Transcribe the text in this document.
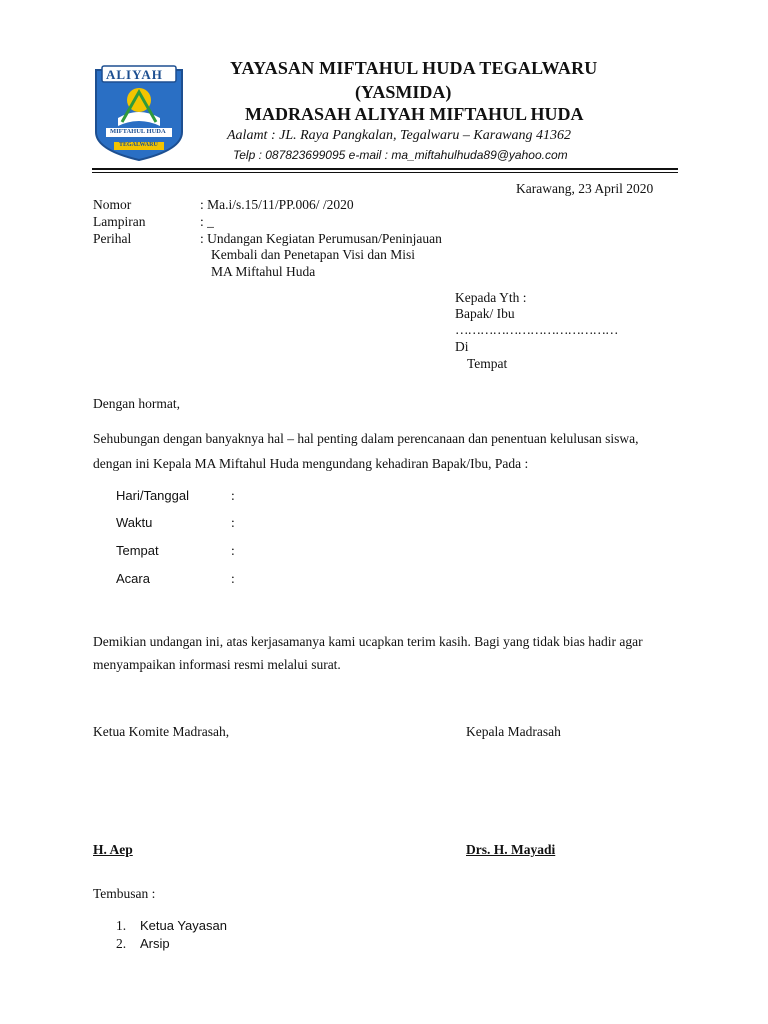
ALIYAH
MIFTAHUL HUDA
TEGALWARU
YAYASAN MIFTAHUL HUDA TEGALWARU
(YASMIDA)
MADRASAH ALIYAH MIFTAHUL HUDA
Aalamt : JL. Raya Pangkalan, Tegalwaru – Karawang 41362
Telp : 087823699095 e-mail : ma_miftahulhuda89@yahoo.com
Karawang, 23 April 2020
Nomor	: Ma.i/s.15/11/PP.006/ /2020
Lampiran	: _
Perihal	: Undangan Kegiatan Perumusan/Peninjauan
Kembali dan Penetapan Visi dan Misi
MA Miftahul Huda
Kepada Yth :
Bapak/ Ibu
…………………………………
Di
Tempat
Dengan hormat,
Sehubungan dengan banyaknya hal – hal penting dalam perencanaan dan penentuan kelulusan siswa,
dengan ini Kepala MA Miftahul Huda mengundang kehadiran Bapak/Ibu, Pada :
Hari/Tanggal	:
Waktu	:
Tempat	:
Acara	:
Demikian undangan ini, atas kerjasamanya kami ucapkan terim kasih. Bagi yang tidak bias hadir agar
menyampaikan informasi resmi melalui surat.
Ketua Komite Madrasah,	Kepala Madrasah
H. Aep	Drs. H. Mayadi
Tembusan :
1. Ketua Yayasan
2. Arsip
